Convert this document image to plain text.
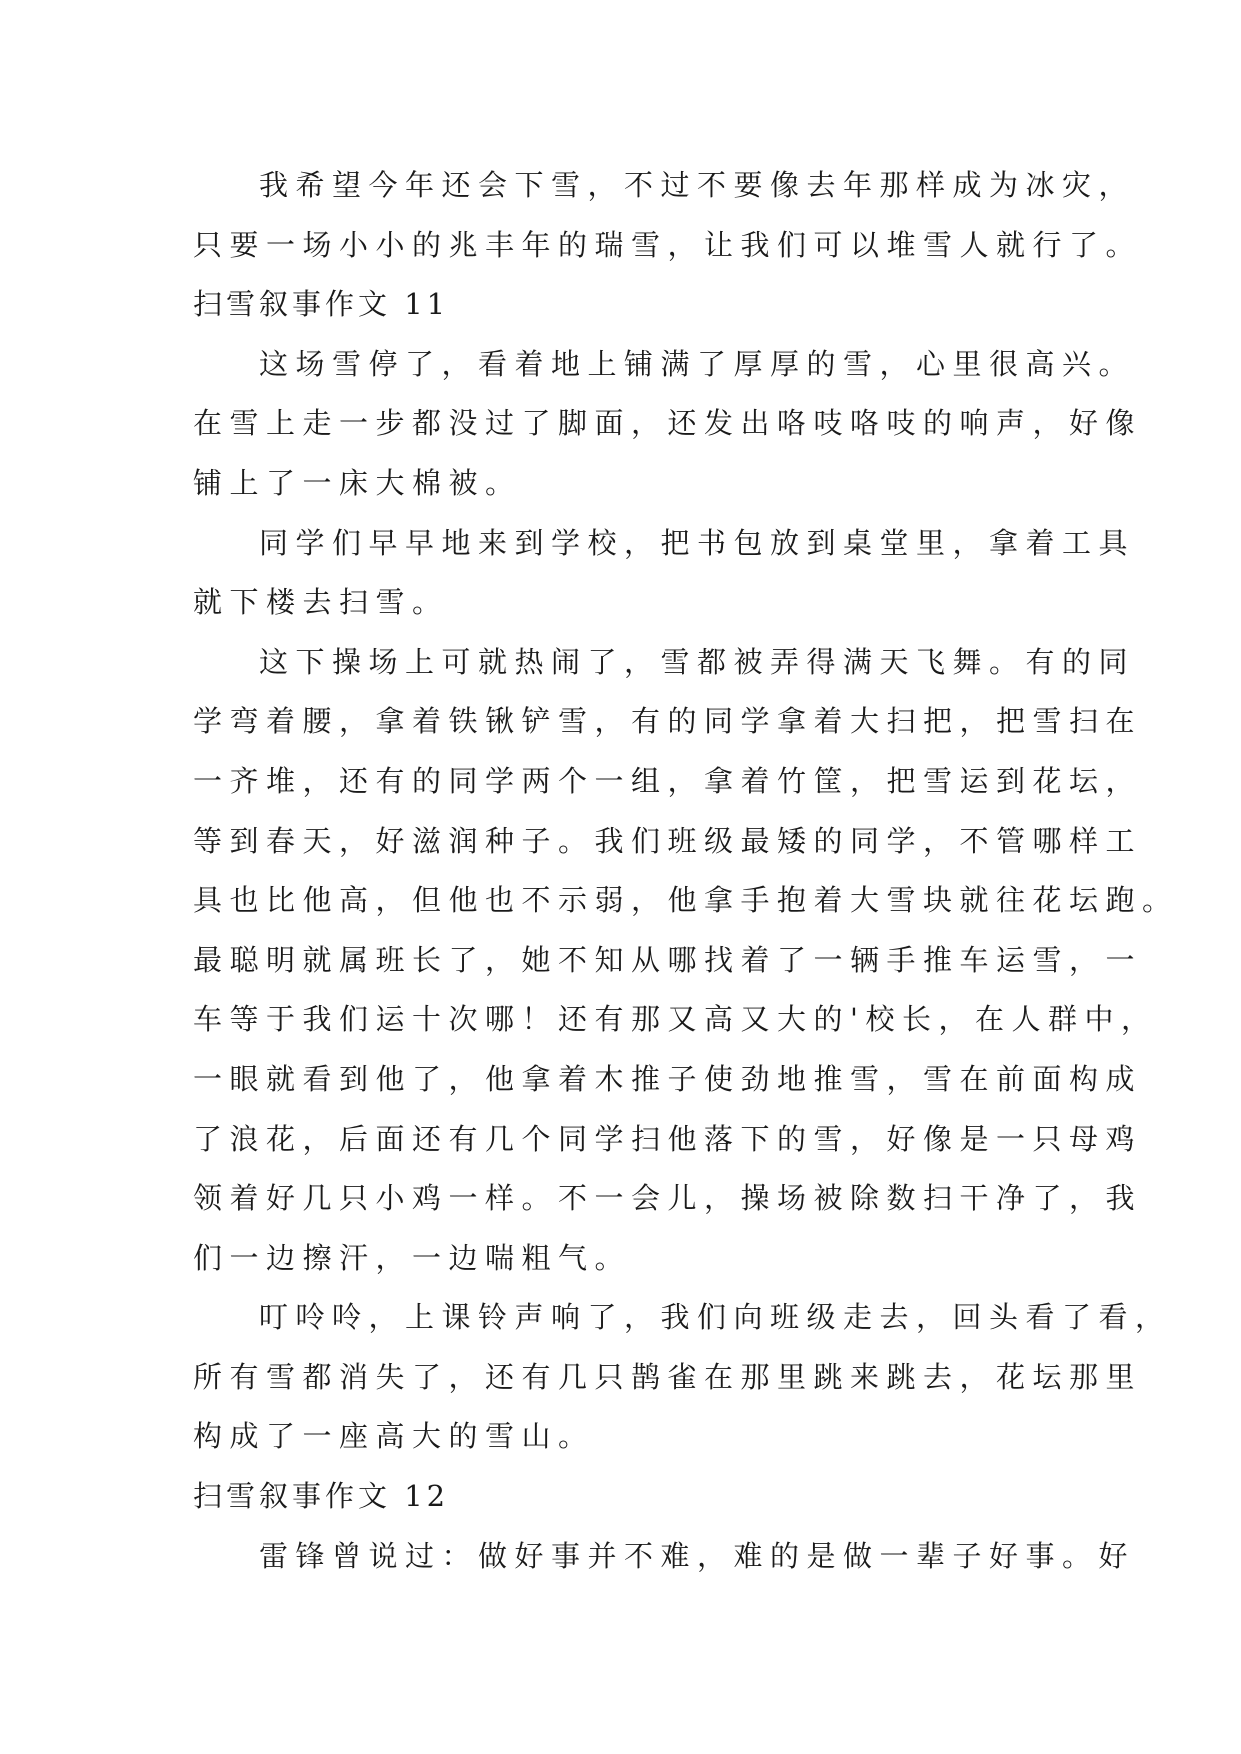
我希望今年还会下雪，不过不要像去年那样成为冰灾，
只要一场小小的兆丰年的瑞雪，让我们可以堆雪人就行了。
扫雪叙事作文 11
这场雪停了，看着地上铺满了厚厚的雪，心里很高兴。
在雪上走一步都没过了脚面，还发出咯吱咯吱的响声，好像
铺上了一床大棉被。
同学们早早地来到学校，把书包放到桌堂里，拿着工具
就下楼去扫雪。
这下操场上可就热闹了，雪都被弄得满天飞舞。有的同
学弯着腰，拿着铁锹铲雪，有的同学拿着大扫把，把雪扫在
一齐堆，还有的同学两个一组，拿着竹筐，把雪运到花坛，
等到春天，好滋润种子。我们班级最矮的同学，不管哪样工
具也比他高，但他也不示弱，他拿手抱着大雪块就往花坛跑。
最聪明就属班长了，她不知从哪找着了一辆手推车运雪，一
车等于我们运十次哪！还有那又高又大的'校长，在人群中，
一眼就看到他了，他拿着木推子使劲地推雪，雪在前面构成
了浪花，后面还有几个同学扫他落下的雪，好像是一只母鸡
领着好几只小鸡一样。不一会儿，操场被除数扫干净了，我
们一边擦汗，一边喘粗气。
叮呤呤，上课铃声响了，我们向班级走去，回头看了看，
所有雪都消失了，还有几只鹊雀在那里跳来跳去，花坛那里
构成了一座高大的雪山。
扫雪叙事作文 12
雷锋曾说过：做好事并不难，难的是做一辈子好事。好
